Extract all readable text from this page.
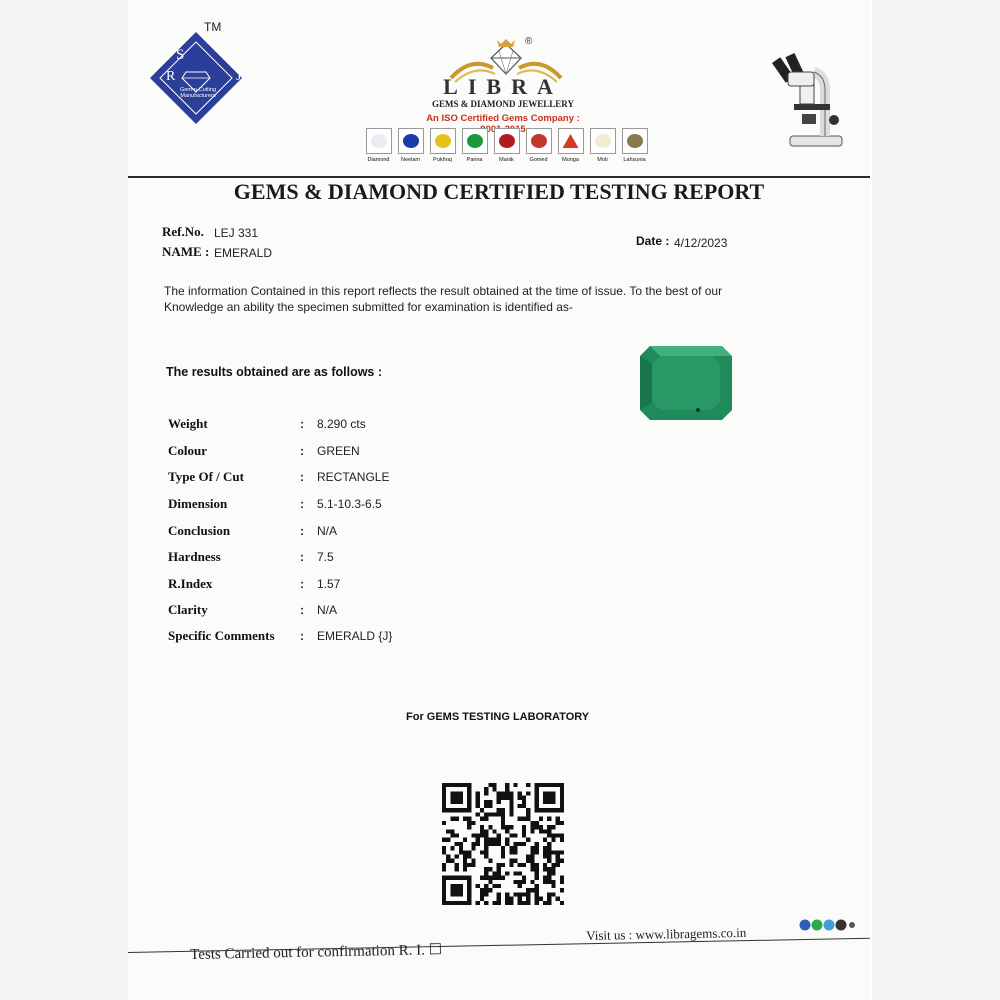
TM
S
R	J
Gem-n-Cutting Manufacturers
®
LIBRA
GEMS & DIAMOND JEWELLERY
An ISO Certified Gems Company :
Diamond	Neelam	Pukhraj	Panna	Manik	Gomed	Munga	Moti	Lahsunia
GEMS & DIAMOND CERTIFIED TESTING REPORT
Ref.No. LEJ 331
NAME : EMERALD
Date : 4/12/2023
The information Contained in this report reflects the result obtained at the time of issue. To the best of our
Knowledge an ability the specimen submitted for examination is identified as-
The results obtained are as follows :
Weight	: 8.290 cts
Colour	: GREEN
Type Of / Cut	: RECTANGLE
Dimension	: 5.1-10.3-6.5
Conclusion	: N/A
Hardness	: 7.5
R.Index	: 1.57
Clarity	: N/A
Specific Comments : EMERALD {J}
For GEMS TESTING LABORATORY
Tests Carried out for confirmation R. I. ☐
Visit us : www.libragems.co.in
